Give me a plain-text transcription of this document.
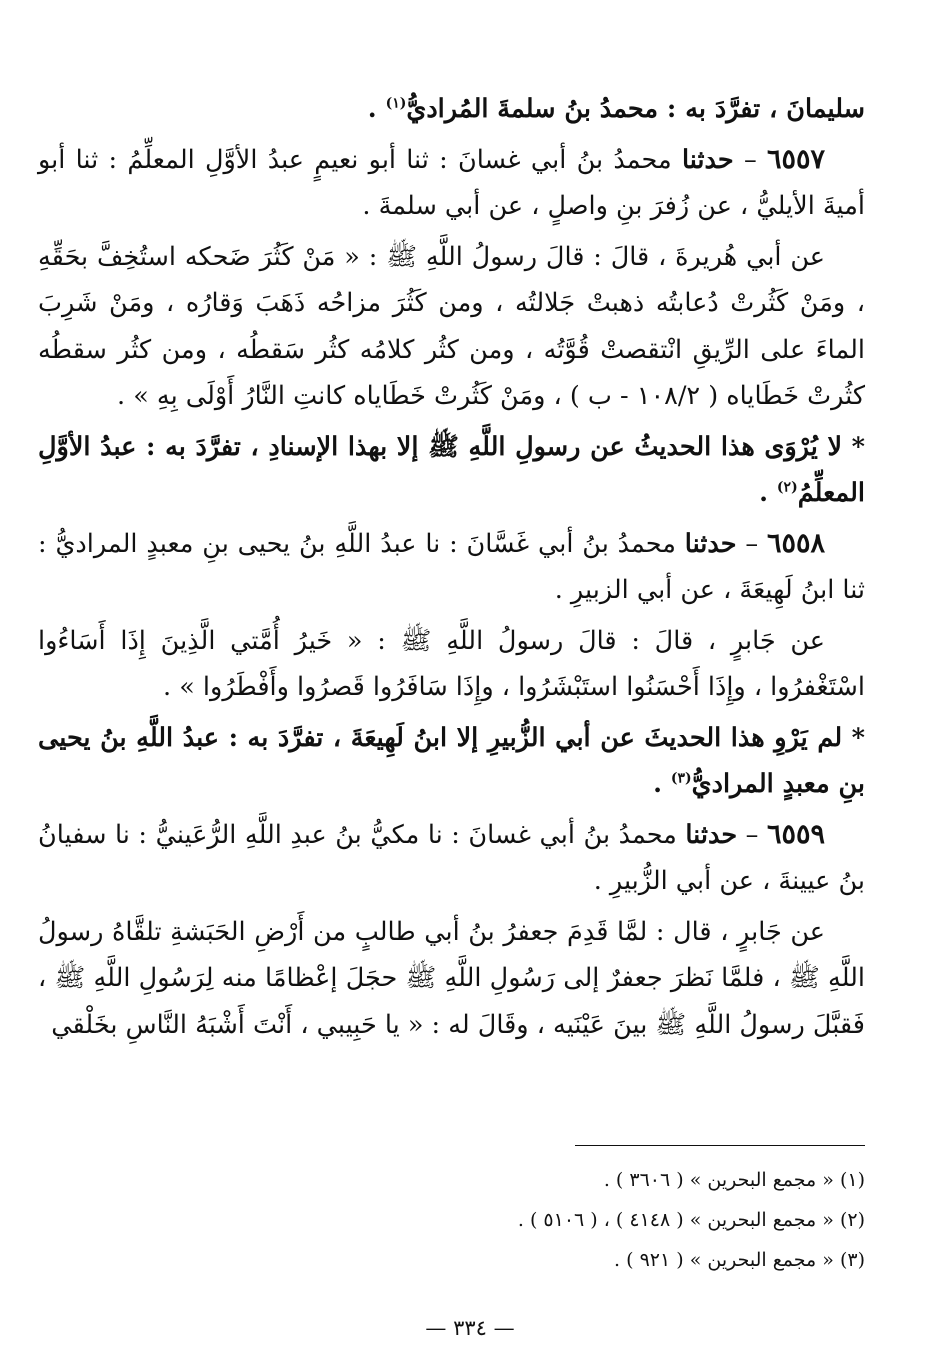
سليمانَ ، تفرَّدَ به : محمدُ بنُ سلمةَ المُراديُّ$^{(١)}$ .

٦٥٥٧ – حدثنا محمدُ بنُ أبي غسانَ : ثنا أبو نعيمٍ عبدُ الأوَّلِ المعلِّمُ : ثنا أبو أميةَ الأيليُّ ، عن زُفرَ بنِ واصلٍ ، عن أبي سلمةَ .

عن أبي هُريرةَ ، قالَ : قالَ رسولُ اللَّهِ ﷺ : « مَنْ كَثُرَ ضَحكه استُخِفَّ بحَقِّهِ ، ومَنْ كَثُرتْ دُعابتُه ذهبتْ جَلالتُه ، ومن كَثُرَ مزاحُه ذَهَبَ وَقارُه ، ومَنْ شَرِبَ الماءَ على الرِّيقِ انْتقصتْ قُوَّتُه ، ومن كثُر كلامُه كثُر سَقطُه ، ومن كثُر سقطُه كثُرتْ خَطَاياه ( ١٠٨/٢ - ب ) ، ومَنْ كَثُرتْ خَطَاياه كانتِ النَّارُ أَوْلَى بِهِ » .

* لا يُرْوَى هذا الحديثُ عن رسولِ اللَّهِ ﷺ إلا بهذا الإسنادِ ، تفرَّدَ به : عبدُ الأوَّلِ المعلِّمُ$^{(٢)}$ .

٦٥٥٨ – حدثنا محمدُ بنُ أبي غَسَّانَ : نا عبدُ اللَّهِ بنُ يحيى بنِ معبدٍ المراديُّ : ثنا ابنُ لَهِيعَةَ ، عن أبي الزبيرِ .

عن جَابرٍ ، قالَ : قالَ رسولُ اللَّهِ ﷺ : « خَيرُ أُمَّتي الَّذِينَ إِذَا أَسَاءُوا اسْتَغْفرُوا ، وإِذَا أَحْسَنُوا استَبْشَرُوا ، وإِذَا سَافَرُوا قَصرُوا وأَفْطَرُوا » .

* لم يَرْوِ هذا الحديثَ عن أبي الزُّبيرِ إلا ابنُ لَهِيعَةَ ، تفرَّدَ به : عبدُ اللَّهِ بنُ يحيى بنِ معبدٍ المراديُّ$^{(٣)}$ .

٦٥٥٩ – حدثنا محمدُ بنُ أبي غسانَ : نا مكيُّ بنُ عبدِ اللَّهِ الرُّعَينيُّ : نا سفيانُ بنُ عيينةَ ، عن أبي الزُّبيرِ .

عن جَابرٍ ، قال : لمَّا قَدِمَ جعفرُ بنُ أبي طالبٍ من أَرْضِ الحَبَشةِ تلقَّاهُ رسولُ اللَّهِ ﷺ ، فلمَّا نَظرَ جعفرٌ إلى رَسُولِ اللَّهِ ﷺ حجَلَ إعْظامًا منه لِرَسُولِ اللَّهِ ﷺ ، فَقبَّلَ رسولُ اللَّهِ ﷺ بينَ عَيْنَيه ، وقَالَ له : « يا حَبِيبي ، أَنْتَ أَشْبَهُ النَّاسِ بخَلْقي

(١) « مجمع البحرين » ( ٣٦٠٦ ) .

(٢) « مجمع البحرين » ( ٤١٤٨ ) ، ( ٥١٠٦ ) .

(٣) « مجمع البحرين » ( ٩٢١ ) .

— ٣٣٤ —
